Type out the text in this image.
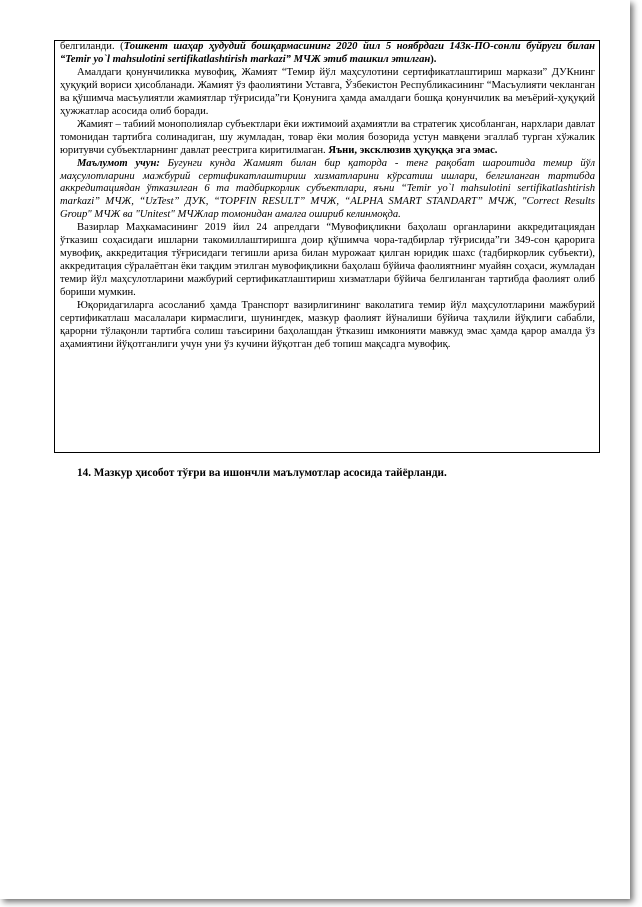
белгиланди. (Тошкент шаҳар ҳудудий бошқармасининг 2020 йил 5 ноябрдаги 143к-ПО-сонли буйруги билан “Temir yo`l mahsulotini sertifikatlashtirish markazi” МЧЖ этиб ташкил этилган).

Амалдаги қонунчиликка мувофиқ, Жамият “Темир йўл маҳсулотини сертификатлаштириш маркази” ДУКнинг ҳуқуқий вориси ҳисобланади. Жамият ўз фаолиятини Уставга, Ўзбекистон Республикасининг “Масъулияти чекланган ва қўшимча масъулиятли жамиятлар тўғрисида”ги Қонунига ҳамда амалдаги бошқа қонунчилик ва меъёрий-ҳуқуқий ҳужжатлар асосида олиб боради.

Жамият – табиий монополиялар субъектлари ёки ижтимоий аҳамиятли ва стратегик ҳисобланган, нархлари давлат томонидан тартибга солинадиган, шу жумладан, товар ёки молия бозорида устун мавқени эгаллаб турган хўжалик юритувчи субъектларнинг давлат реестрига киритилмаган. Яъни, эксклюзив ҳуқуққа эга эмас.

Маълумот учун: Бугунги кунда Жамият билан бир қаторда - тенг рақобат шароитида темир йўл маҳсулотларини мажбурий сертификатлаштириш хизматларини кўрсатиш ишлари, белгиланган тартибда аккредитациядан ўтказилган 6 та тадбиркорлик субъектлари, яъни “Temir yo`l mahsulotini sertifikatlashtirish markazi” МЧЖ, “UzTest” ДУК, “TOPFIN RESULT” МЧЖ, “ALPHA SMART STANDART” МЧЖ, "Correct Results Group" МЧЖ ва "Unitest" МЧЖлар томонидан амалга ошириб келинмоқда.

Вазирлар Маҳкамасининг 2019 йил 24 апрелдаги “Мувофиқликни баҳолаш органларини аккредитациядан ўтказиш соҳасидаги ишларни такомиллаштиришга доир қўшимча чора-тадбирлар тўғрисида”ги 349-сон қарорига мувофиқ, аккредитация тўғрисидаги тегишли ариза билан мурожаат қилган юридик шахс (тадбиркорлик субъекти), аккредитация сўралаётган ёки тақдим этилган мувофиқликни баҳолаш бўйича фаолиятнинг муайян соҳаси, жумладан темир йўл маҳсулотларини мажбурий сертификатлаштириш хизматлари бўйича белгиланган тартибда фаолият олиб бориши мумкин.

Юқоридагиларга асосланиб ҳамда Транспорт вазирлигининг ваколатига темир йўл маҳсулотларини мажбурий сертификатлаш масалалари кирмаслиги, шунингдек, мазкур фаолият йўналиши бўйича таҳлили йўқлиги сабабли, қарорни тўлақонли тартибга солиш таъсирини баҳолашдан ўтказиш имконияти мавжуд эмас ҳамда қарор амалда ўз аҳамиятини йўқотганлиги учун уни ўз кучини йўқотган деб топиш мақсадга мувофиқ.

14. Мазкур ҳисобот тўғри ва ишончли маълумотлар асосида тайёрланди.
